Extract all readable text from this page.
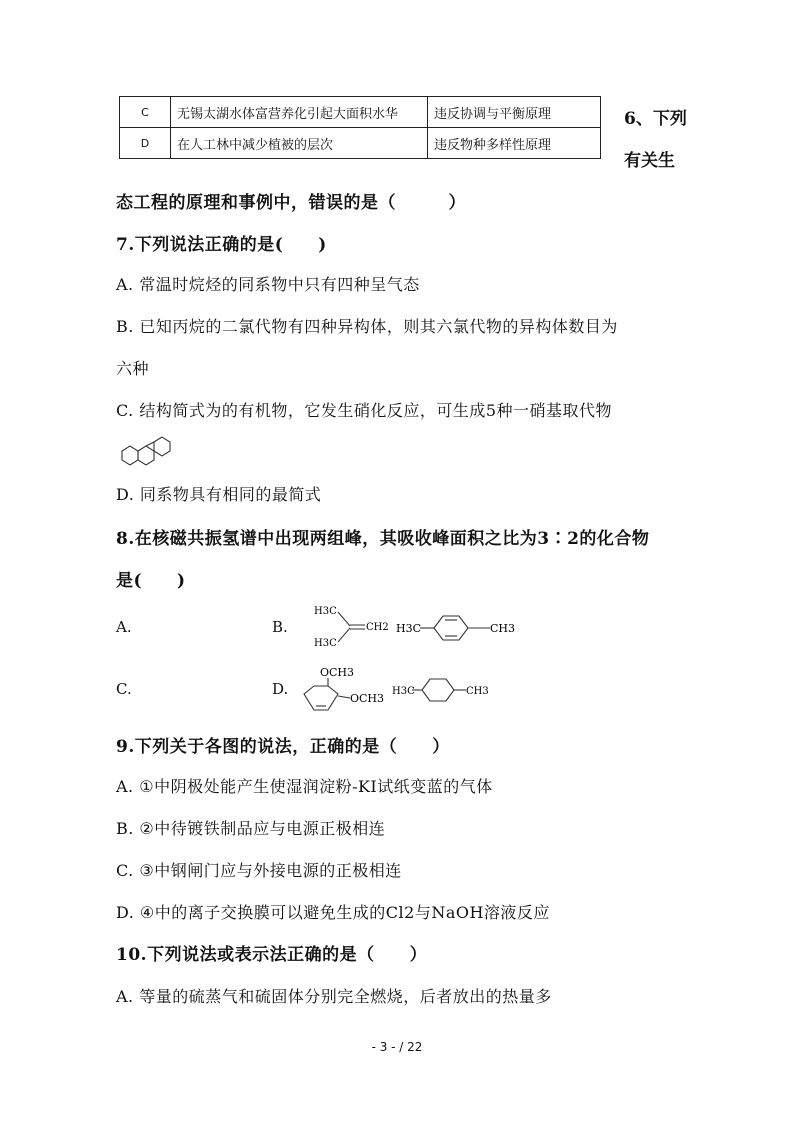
C	无锡太湖水体富营养化引起大面积水华	违反协调与平衡原理
D	在人工林中减少植被的层次	违反物种多样性原理
6、下列
有关生
态工程的原理和事例中，错误的是（　　　）
7.下列说法正确的是(　　)
A. 常温时烷烃的同系物中只有四种呈气态
B. 已知丙烷的二氯代物有四种异构体，则其六氯代物的异构体数目为
六种
C. 结构简式为的有机物，它发生硝化反应，可生成5种一硝基取代物
D. 同系物具有相同的最简式
8.在核磁共振氢谱中出现两组峰，其吸收峰面积之比为3∶2的化合物
是(　　)
A.	B.
H3C
H3C
CH2 H3C	CH3
C.	D.
OCH3
OCH3
H3C	CH3
9.下列关于各图的说法，正确的是（　　）
A. ①中阴极处能产生使湿润淀粉-KI试纸变蓝的气体
B. ②中待镀铁制品应与电源正极相连
C. ③中钢闸门应与外接电源的正极相连
D. ④中的离子交换膜可以避免生成的Cl2与NaOH溶液反应
10.下列说法或表示法正确的是（　　）
A. 等量的硫蒸气和硫固体分别完全燃烧，后者放出的热量多
- 3 - / 22
